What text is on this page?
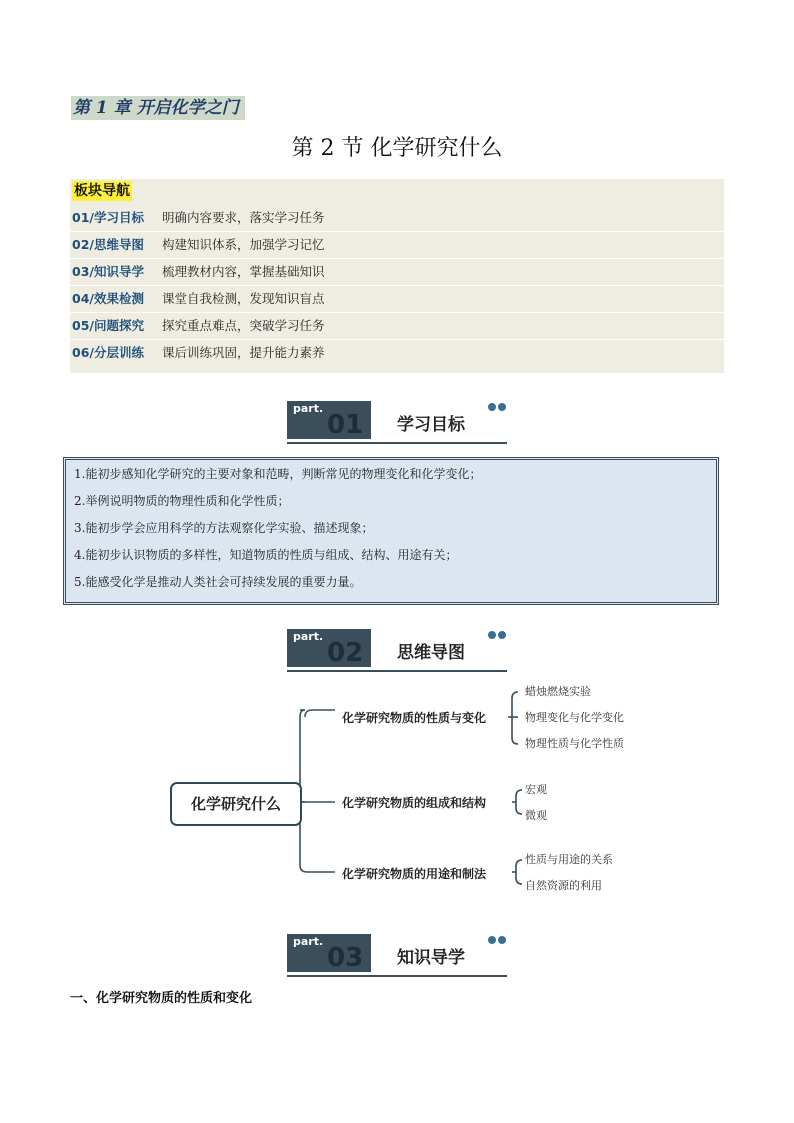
第 1 章 开启化学之门
第 2 节 化学研究什么
板块导航
01/学习目标 明确内容要求，落实学习任务
02/思维导图 构建知识体系，加强学习记忆
03/知识导学 梳理教材内容，掌握基础知识
04/效果检测 课堂自我检测，发现知识盲点
05/问题探究 探究重点难点，突破学习任务
06/分层训练 课后训练巩固，提升能力素养
part.
01 学习目标
1.能初步感知化学研究的主要对象和范畴，判断常见的物理变化和化学变化；
2.举例说明物质的物理性质和化学性质；
3.能初步学会应用科学的方法观察化学实验、描述现象；
4.能初步认识物质的多样性，知道物质的性质与组成、结构、用途有关；
5.能感受化学是推动人类社会可持续发展的重要力量。
part.
02 思维导图
化学研究什么
化学研究物质的性质与变化
蜡烛燃烧实验
物理变化与化学变化
物理性质与化学性质
化学研究物质的组成和结构
宏观
微观
化学研究物质的用途和制法
性质与用途的关系
自然资源的利用
part.
03 知识导学
一、化学研究物质的性质和变化
